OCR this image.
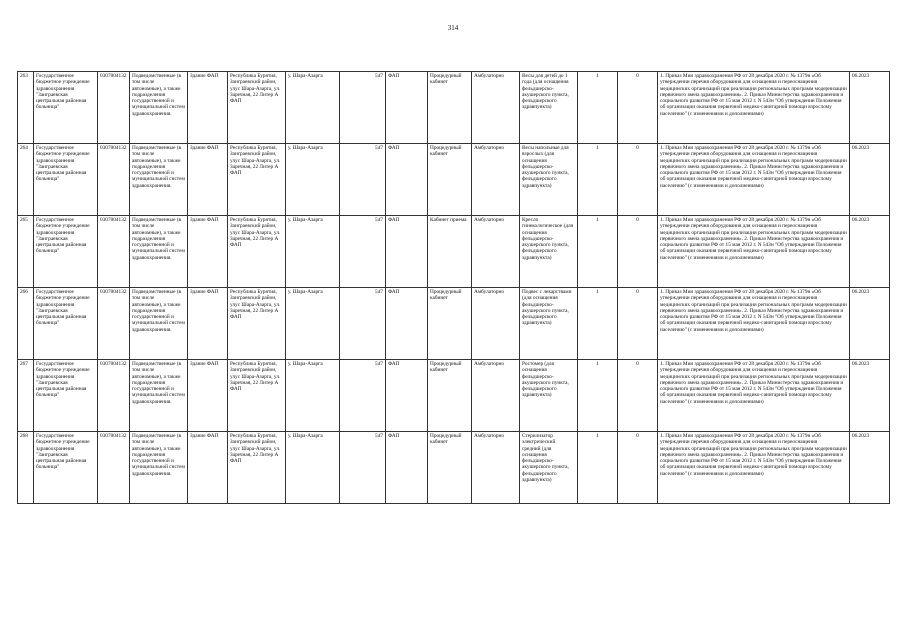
314
263	Государственное бюджетное учреждение здравоохранения "Заиграевская центральная районная больница"	0307004132	Подведомственные (в том числе автономные), а также подразделения государственной и муниципальной систем здравоохранения.	Здание ФАП	Республика Бурятия, Заиграевский район, улус Шара-Азарга, ул. Заречная, 22 Литер А ФАП	у. Шара-Азарга	547	ФАП	Процедурный кабинет	Амбулаторно	Весы для детей до 1 года (для оснащения фельдшерско-акушерского пункта, фельдшерского здравпункта)	1	0	1. Приказ Мин здравоохранения РФ от 28 декабря 2020 г. № 1379н «Об утверждении перечня оборудования для оснащения и переоснащения медицинских организаций при реализации региональных программ модернизации первичного звена здравоохранения». 2. Приказ Министерства здравоохранения и социального развития РФ от 15 мая 2012 г. N 543н "Об утверждении Положения об организации оказания первичной медико-санитарной помощи взрослому населению" (с изменениями и дополнениями)	06.2023
264	Государственное бюджетное учреждение здравоохранения "Заиграевская центральная районная больница"	0307004132	Подведомственные (в том числе автономные), а также подразделения государственной и муниципальной систем здравоохранения.	Здание ФАП	Республика Бурятия, Заиграевский район, улус Шара-Азарга, ул. Заречная, 22 Литер А ФАП	у. Шара-Азарга	547	ФАП	Процедурный кабинет	Амбулаторно	Весы напольные для взрослых (для оснащения фельдшерско-акушерского пункта, фельдшерского здравпункта)	1	0	1. Приказ Мин здравоохранения РФ от 28 декабря 2020 г. № 1379н «Об утверждении перечня оборудования для оснащения и переоснащения медицинских организаций при реализации региональных программ модернизации первичного звена здравоохранения». 2. Приказ Министерства здравоохранения и социального развития РФ от 15 мая 2012 г. N 543н "Об утверждении Положения об организации оказания первичной медико-санитарной помощи взрослому населению" (с изменениями и дополнениями)	06.2023
265	Государственное бюджетное учреждение здравоохранения "Заиграевская центральная районная больница"	0307004132	Подведомственные (в том числе автономные), а также подразделения государственной и муниципальной систем здравоохранения.	Здание ФАП	Республика Бурятия, Заиграевский район, улус Шара-Азарга, ул. Заречная, 22 Литер А ФАП	у. Шара-Азарга	547	ФАП	Кабинет приема	Амбулаторно	Кресло гинекологическое (для оснащения фельдшерско-акушерского пункта, фельдшерского здравпункта)	1	0	1. Приказ Мин здравоохранения РФ от 28 декабря 2020 г. № 1379н «Об утверждении перечня оборудования для оснащения и переоснащения медицинских организаций при реализации региональных программ модернизации первичного звена здравоохранения». 2. Приказ Министерства здравоохранения и социального развития РФ от 15 мая 2012 г. N 543н "Об утверждении Положения об организации оказания первичной медико-санитарной помощи взрослому населению" (с изменениями и дополнениями)	06.2023
266	Государственное бюджетное учреждение здравоохранения "Заиграевская центральная районная больница"	0307004132	Подведомственные (в том числе автономные), а также подразделения государственной и муниципальной систем здравоохранения.	Здание ФАП	Республика Бурятия, Заиграевский район, улус Шара-Азарга, ул. Заречная, 22 Литер А ФАП	у. Шара-Азарга	547	ФАП	Процедурный кабинет	Амбулаторно	Подвес с лекарствами (для оснащения фельдшерско-акушерского пункта, фельдшерского здравпункта)	1	0	1. Приказ Мин здравоохранения РФ от 28 декабря 2020 г. № 1379н «Об утверждении перечня оборудования для оснащения и переоснащения медицинских организаций при реализации региональных программ модернизации первичного звена здравоохранения». 2. Приказ Министерства здравоохранения и социального развития РФ от 15 мая 2012 г. N 543н "Об утверждении Положения об организации оказания первичной медико-санитарной помощи взрослому населению" (с изменениями и дополнениями)	06.2023
267	Государственное бюджетное учреждение здравоохранения "Заиграевская центральная районная больница"	0307004132	Подведомственные (в том числе автономные), а также подразделения государственной и муниципальной систем здравоохранения.	Здание ФАП	Республика Бурятия, Заиграевский район, улус Шара-Азарга, ул. Заречная, 22 Литер А ФАП	у. Шара-Азарга	547	ФАП	Процедурный кабинет	Амбулаторно	Ростомер (для оснащения фельдшерско-акушерского пункта, фельдшерского здравпункта)	1	0	1. Приказ Мин здравоохранения РФ от 28 декабря 2020 г. № 1379н «Об утверждении перечня оборудования для оснащения и переоснащения медицинских организаций при реализации региональных программ модернизации первичного звена здравоохранения». 2. Приказ Министерства здравоохранения и социального развития РФ от 15 мая 2012 г. N 543н "Об утверждении Положения об организации оказания первичной медико-санитарной помощи взрослому населению" (с изменениями и дополнениями)	06.2023
268	Государственное бюджетное учреждение здравоохранения "Заиграевская центральная районная больница"	0307004132	Подведомственные (в том числе автономные), а также подразделения государственной и муниципальной систем здравоохранения.	Здание ФАП	Республика Бурятия, Заиграевский район, улус Шара-Азарга, ул. Заречная, 22 Литер А ФАП	у. Шара-Азарга	547	ФАП	Процедурный кабинет	Амбулаторно	Стерилизатор электрический средний (для оснащения фельдшерско-акушерского пункта, фельдшерского здравпункта)	1	0	1. Приказ Мин здравоохранения РФ от 28 декабря 2020 г. № 1379н «Об утверждении перечня оборудования для оснащения и переоснащения медицинских организаций при реализации региональных программ модернизации первичного звена здравоохранения». 2. Приказ Министерства здравоохранения и социального развития РФ от 15 мая 2012 г. N 543н "Об утверждении Положения об организации оказания первичной медико-санитарной помощи взрослому населению" (с изменениями и дополнениями)	06.2023
